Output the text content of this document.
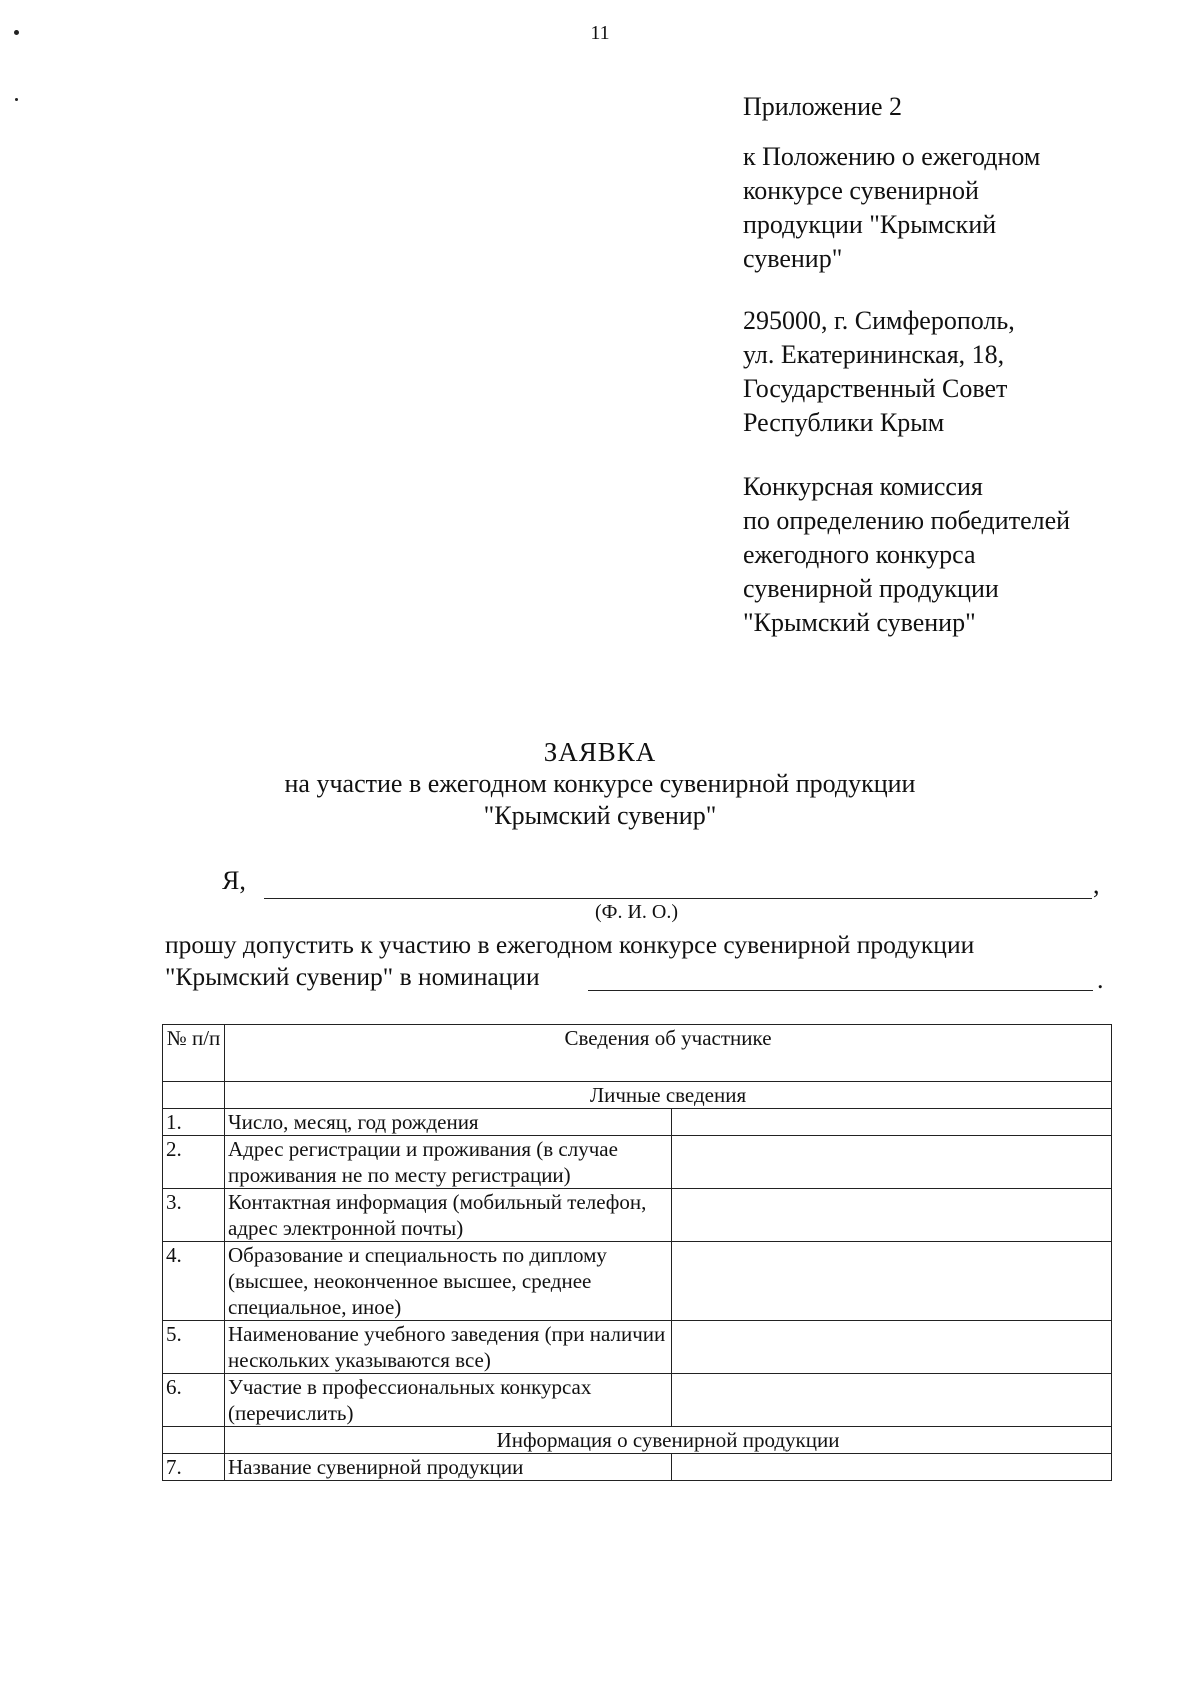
11
Приложение 2
к Положению о ежегодном
конкурсе сувенирной
продукции "Крымский
сувенир"
295000, г. Симферополь,
ул. Екатерининская, 18,
Государственный Совет
Республики Крым
Конкурсная комиссия
по определению победителей
ежегодного конкурса
сувенирной продукции
"Крымский сувенир"
ЗАЯВКА
на участие в ежегодном конкурсе сувенирной продукции
"Крымский сувенир"
Я,	,
(Ф. И. О.)
прошу допустить к участию в ежегодном конкурсе сувенирной продукции
"Крымский сувенир" в номинации	.
№ п/п	Сведения об участнике	
	Личные сведения	
1.	Число, месяц, год рождения	
2.	Адрес регистрации и проживания (в случае проживания не по месту регистрации)	
3.	Контактная информация (мобильный телефон, адрес электронной почты)	
4.	Образование и специальность по диплому (высшее, неоконченное высшее, среднее специальное, иное)	
5.	Наименование учебного заведения (при наличии нескольких указываются все)	
6.	Участие в профессиональных конкурсах (перечислить)	
	Информация о сувенирной продукции	
7.	Название сувенирной продукции	
